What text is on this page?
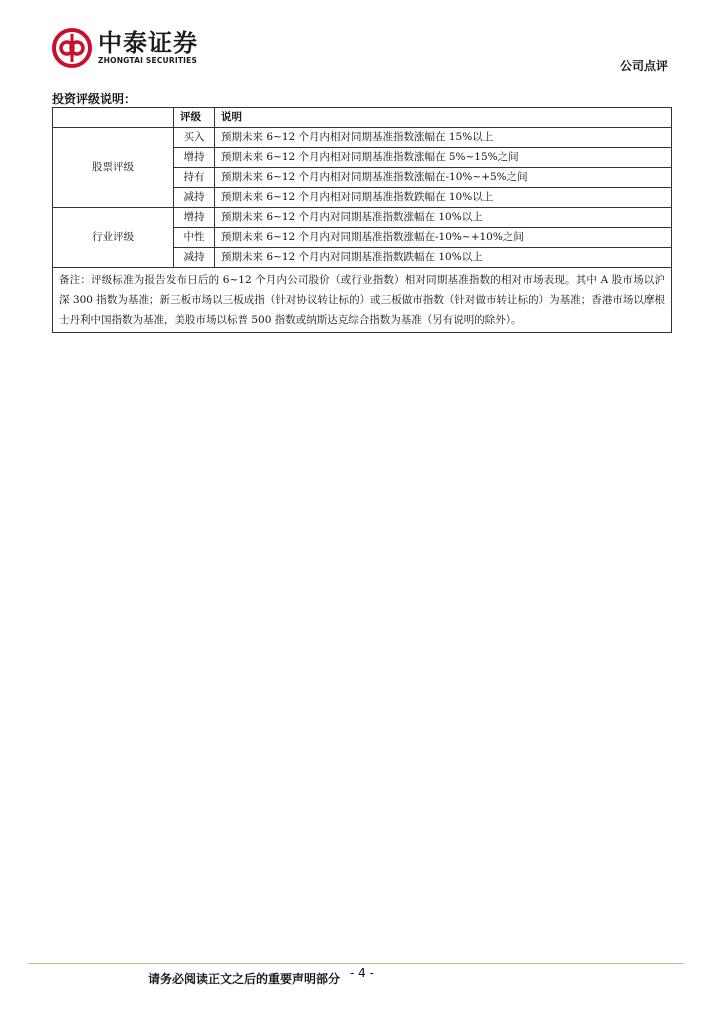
中泰证券
ZHONGTAI SECURITIES	公司点评
投资评级说明：
	评级	说明
股票评级	买入	预期未来 6~12 个月内相对同期基准指数涨幅在 15%以上
	增持	预期未来 6~12 个月内相对同期基准指数涨幅在 5%~15%之间
	持有	预期未来 6~12 个月内相对同期基准指数涨幅在-10%~+5%之间
	减持	预期未来 6~12 个月内相对同期基准指数跌幅在 10%以上
行业评级	增持	预期未来 6~12 个月内对同期基准指数涨幅在 10%以上
	中性	预期未来 6~12 个月内对同期基准指数涨幅在-10%~+10%之间
	减持	预期未来 6~12 个月内对同期基准指数跌幅在 10%以上
备注：评级标准为报告发布日后的 6~12 个月内公司股价（或行业指数）相对同期基准指数的相对市场表现。其中 A 股市场以沪深 300 指数为基准；新三板市场以三板成指（针对协议转让标的）或三板做市指数（针对做市转让标的）为基准；香港市场以摩根士丹利中国指数为基准，美股市场以标普 500 指数或纳斯达克综合指数为基准（另有说明的除外）。		
请务必阅读正文之后的重要声明部分 - 4 -
